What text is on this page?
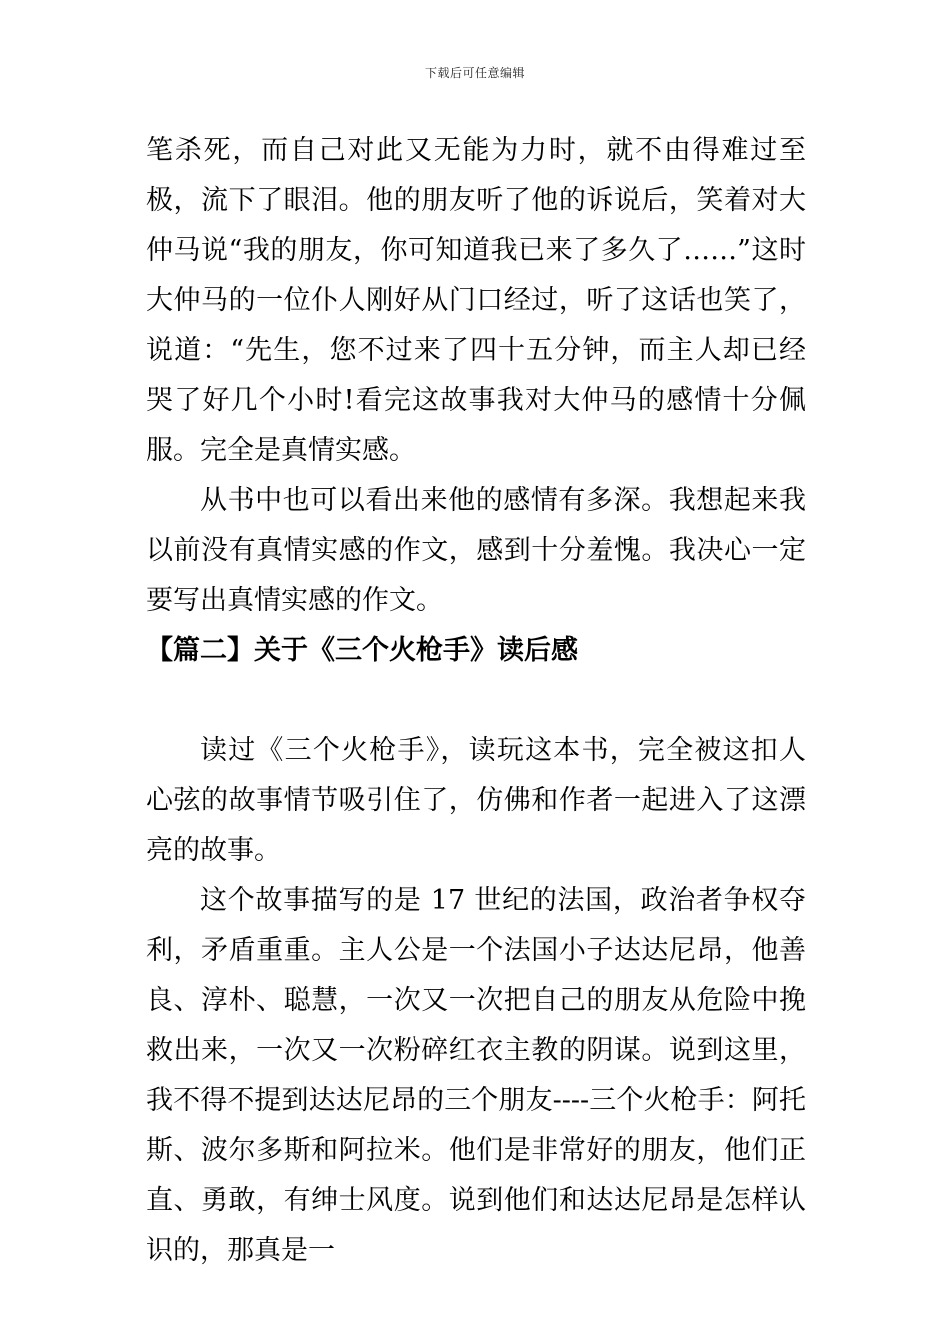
下载后可任意编辑

笔杀死，而自己对此又无能为力时，就不由得难过至极，流下了眼泪。他的朋友听了他的诉说后，笑着对大仲马说“我的朋友，你可知道我已来了多久了……”这时大仲马的一位仆人刚好从门口经过，听了这话也笑了，说道：“先生，您不过来了四十五分钟，而主人却已经哭了好几个小时!看完这故事我对大仲马的感情十分佩服。完全是真情实感。

从书中也可以看出来他的感情有多深。我想起来我以前没有真情实感的作文，感到十分羞愧。我决心一定要写出真情实感的作文。

【篇二】关于《三个火枪手》读后感

读过《三个火枪手》，读玩这本书，完全被这扣人心弦的故事情节吸引住了，仿佛和作者一起进入了这漂亮的故事。

这个故事描写的是 17 世纪的法国，政治者争权夺利，矛盾重重。主人公是一个法国小子达达尼昂，他善良、淳朴、聪慧，一次又一次把自己的朋友从危险中挽救出来，一次又一次粉碎红衣主教的阴谋。说到这里，我不得不提到达达尼昂的三个朋友----三个火枪手：阿托斯、波尔多斯和阿拉米。他们是非常好的朋友，他们正直、勇敢，有绅士风度。说到他们和达达尼昂是怎样认识的，那真是一
